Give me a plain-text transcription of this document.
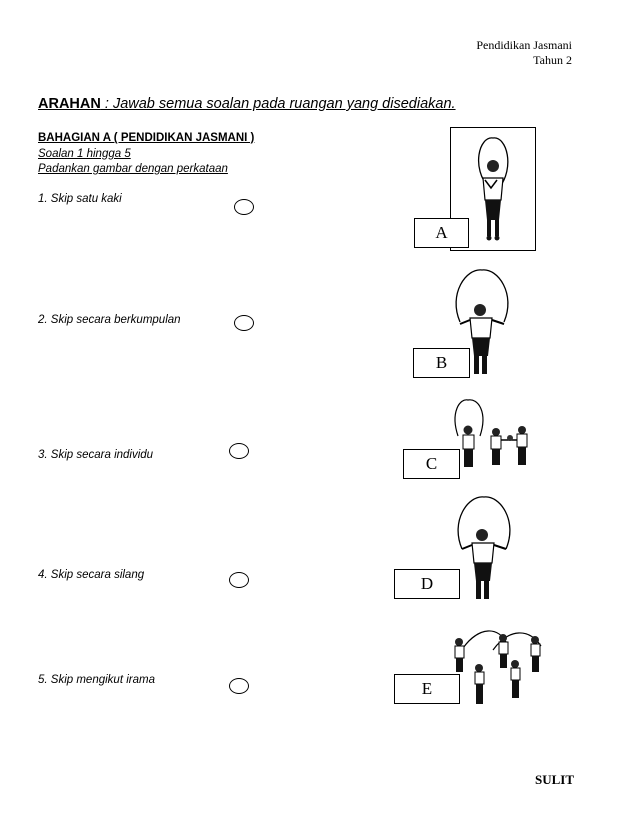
Pendidikan Jasmani
Tahun 2
ARAHAN : Jawab semua soalan pada ruangan yang disediakan.
BAHAGIAN A ( PENDIDIKAN JASMANI )
Soalan 1 hingga 5
Padankan gambar dengan perkataan
1. Skip satu kaki
2. Skip secara berkumpulan
3. Skip secara individu
4. Skip secara silang
5. Skip mengikut irama
A
B
C
D
E
SULIT
